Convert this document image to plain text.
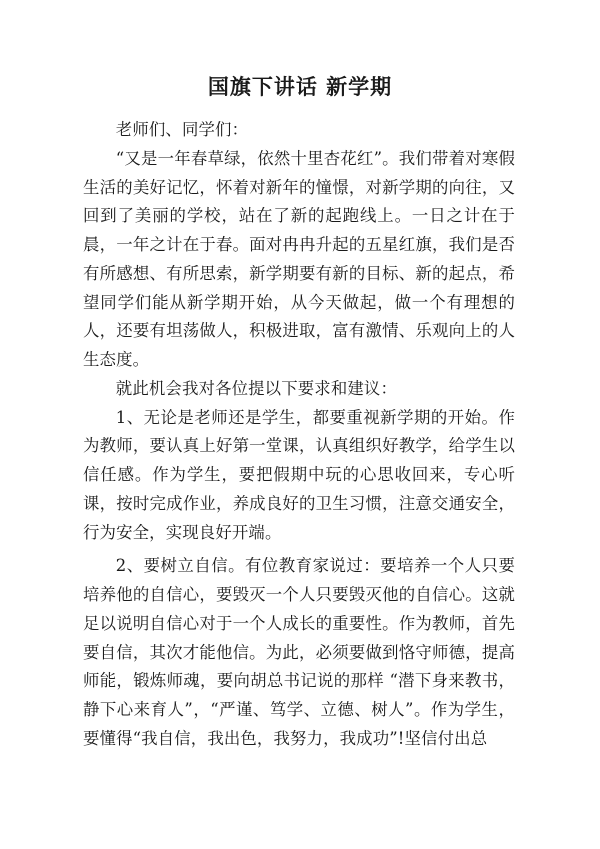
国旗下讲话 新学期

老师们、同学们：

“又是一年春草绿，依然十里杏花红”。我们带着对寒假生活的美好记忆，怀着对新年的憧憬，对新学期的向往，又回到了美丽的学校，站在了新的起跑线上。一日之计在于晨，一年之计在于春。面对冉冉升起的五星红旗，我们是否有所感想、有所思索，新学期要有新的目标、新的起点，希望同学们能从新学期开始，从今天做起，做一个有理想的人，还要有坦荡做人，积极进取，富有激情、乐观向上的人生态度。

就此机会我对各位提以下要求和建议：

1、无论是老师还是学生，都要重视新学期的开始。作为教师，要认真上好第一堂课，认真组织好教学，给学生以信任感。作为学生，要把假期中玩的心思收回来，专心听课，按时完成作业，养成良好的卫生习惯，注意交通安全，行为安全，实现良好开端。

2、要树立自信。有位教育家说过：要培养一个人只要培养他的自信心，要毁灭一个人只要毁灭他的自信心。这就足以说明自信心对于一个人成长的重要性。作为教师，首先要自信，其次才能他信。为此，必须要做到恪守师德，提高师能，锻炼师魂，要向胡总书记说的那样 “潜下身来教书，静下心来育人”，“严谨、笃学、立德、树人”。作为学生，要懂得“我自信，我出色，我努力，我成功”!坚信付出总
